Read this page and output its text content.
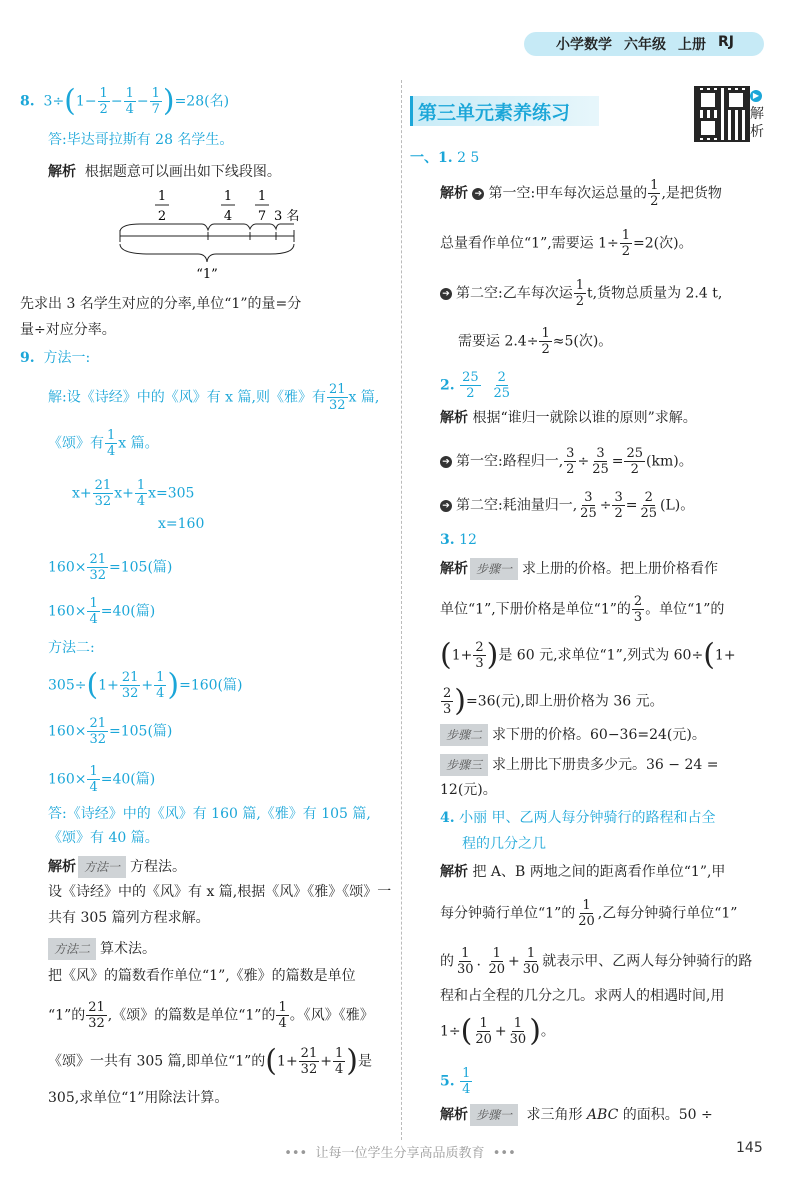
小学数学 六年级 上册 RJ
8. $3\div(1- \frac{1}{2} - \frac{1}{4} - \frac{1}{7} )=28$(名)
答:毕达哥拉斯有 28 名学生。
解析 根据题意可以画出如下线段图。
1
2
1
4
1
7 3 名
“1”
先求出 3 名学生对应的分率,单位“1”的量=分
量÷对应分率。
9. 方法一:
解:设《诗经》中的《风》有 x 篇,则《雅》有 $\frac{21}{32}$ x 篇,
《颂》有 $\frac{1}{4}$ x 篇。
$x+ \frac{21}{32} x+ \frac{1}{4} x=305$
x=160
$160\times \frac{21}{32} =105$(篇)
$160\times \frac{1}{4} =40$(篇)
方法二:
$305\div(1+ \frac{21}{32} + \frac{1}{4} )=160$(篇)
$160\times \frac{21}{32} =105$(篇)
$160\times \frac{1}{4} =40$(篇)
答:《诗经》中的《风》有 160 篇,《雅》有 105 篇,
《颂》有 40 篇。
解析 方法一 方程法。
设《诗经》中的《风》有 x 篇,根据《风》《雅》《颂》一
共有 305 篇列方程求解。
方法二 算术法。
把《风》的篇数看作单位“1”,《雅》的篇数是单位
“1”的 $\frac{21}{32}$ ,《颂》的篇数是单位“1”的 $\frac{1}{4}$ 。《风》《雅》
《颂》一共有 305 篇,即单位“1”的($1+ \frac{21}{32} + \frac{1}{4}$ )是
305,求单位“1”用除法计算。
第三单元素养练习
▶
解
析
一、1. 2 5
解析 ➔ 第一空:甲车每次运总量的 $\frac{1}{2}$ ,是把货物
总量看作单位“1”,需要运 $1\div \frac{1}{2} =2$(次)。
➔ 第二空:乙车每次运 $\frac{1}{2} t$,货物总质量为 2.4 t,
需要运 $2.4\div \frac{1}{2} \approx 5$(次)。
2. $\frac{25}{2}$
$\frac{2}{25}$
解析 根据“谁归一就除以谁的原则”求解。
➔ 第一空:路程归一, $\frac{3}{2} \div \frac{3}{25} = \frac{25}{2} (km)$。
➔ 第二空:耗油量归一, $\frac{3}{25} \div \frac{3}{2} = \frac{2}{25} (L)$。
3. 12
解析 步骤一 求上册的价格。把上册价格看作
单位“1”,下册价格是单位“1”的 $\frac{2}{3}$ 。单位“1”的
($1+ \frac{2}{3}$ )是 60 元,求单位“1”,列式为 60÷(1+
$\frac{2}{3} )=36$(元),即上册价格为 36 元。
步骤二 求下册的价格。60−36=24(元)。
步骤三 求上册比下册贵多少元。36 − 24 =
12(元)。
4. 小丽 甲、乙两人每分钟骑行的路程和占全
程的几分之几
解析 把 A、B 两地之间的距离看作单位“1”,甲
每分钟骑行单位“1”的 $\frac{1}{20}$ ,乙每分钟骑行单位“1”
的 $\frac{1}{30}$ . $\frac{1}{20} + \frac{1}{30}$ 就表示甲、乙两人每分钟骑行的路
程和占全程的几分之几。求两人的相遇时间,用
$1\div( \frac{1}{20} + \frac{1}{30}$ )。
5. $\frac{1}{4}$
解析 步骤一 求三角形 ABC 的面积。50 ÷
••• 让每一位学生分享高品质教育 •••	145
